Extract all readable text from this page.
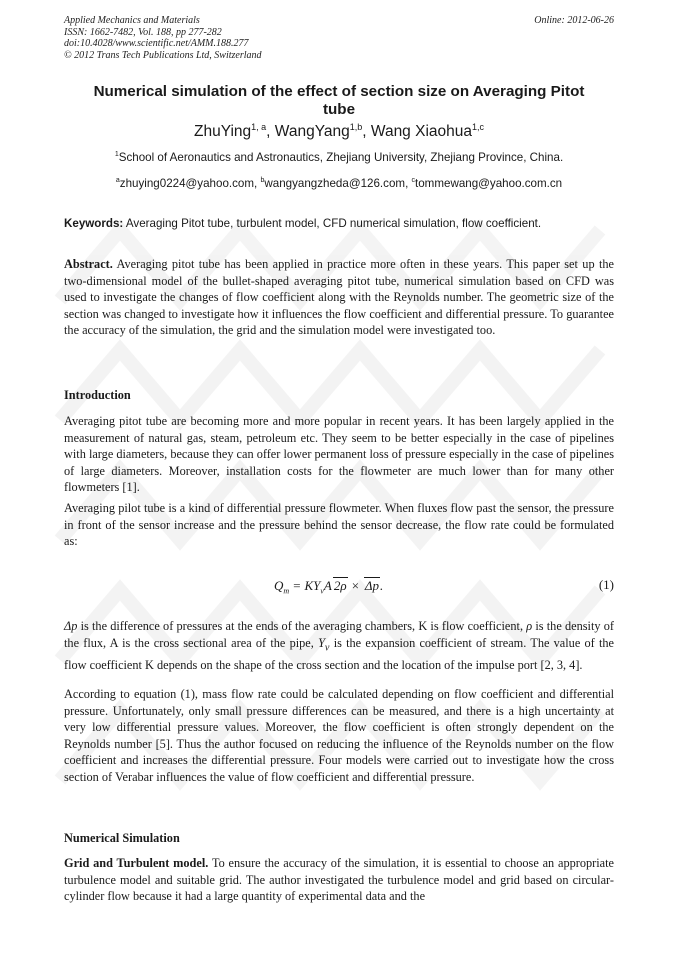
Applied Mechanics and Materials
ISSN: 1662-7482, Vol. 188, pp 277-282
doi:10.4028/www.scientific.net/AMM.188.277
© 2012 Trans Tech Publications Ltd, Switzerland
Online: 2012-06-26
Numerical simulation of the effect of section size on Averaging Pitot tube
ZhuYing$^{1, a}$, WangYang$^{1,b}$, Wang Xiaohua$^{1,c}$
$^1$School of Aeronautics and Astronautics, Zhejiang University, Zhejiang Province, China.
$^a$zhuying0224@yahoo.com, $^b$wangyangzheda@126.com, $^c$tommewang@yahoo.com.cn
Keywords: Averaging Pitot tube, turbulent model, CFD numerical simulation, flow coefficient.
Abstract. Averaging pitot tube has been applied in practice more often in these years. This paper set up the two-dimensional model of the bullet-shaped averaging pitot tube, numerical simulation based on CFD was used to investigate the changes of flow coefficient along with the Reynolds number. The geometric size of the section was changed to investigate how it influences the flow coefficient and differential pressure. To guarantee the accuracy of the simulation, the grid and the simulation model were investigated too.
Introduction
Averaging pitot tube are becoming more and more popular in recent years. It has been largely applied in the measurement of natural gas, steam, petroleum etc. They seem to be better especially in the case of pipelines with large diameters, because they can offer lower permanent loss of pressure especially in the case of pipelines of large diameters. Moreover, installation costs for the flowmeter are much lower than for many other flowmeters [1].
Averaging pilot tube is a kind of differential pressure flowmeter. When fluxes flow past the sensor, the pressure in front of the sensor increase and the pressure behind the sensor decrease, the flow rate could be formulated as:
$Q_m = KY_vA$ 2ρ × Δp.	(1)
Δp is the difference of pressures at the ends of the averaging chambers, K is flow coefficient, ρ is the density of the flux, A is the cross sectional area of the pipe, $Y_v$ is the expansion coefficient of stream. The value of the flow coefficient K depends on the shape of the cross section and the location of the impulse port [2, 3, 4].
According to equation (1), mass flow rate could be calculated depending on flow coefficient and differential pressure. Unfortunately, only small pressure differences can be measured, and there is a high uncertainty at very low differential pressure values. Moreover, the flow coefficient is often strongly dependent on the Reynolds number [5]. Thus the author focused on reducing the influence of the Reynolds number on the flow coefficient and increases the differential pressure. Four models were carried out to investigate how the cross section of Verabar influences the value of flow coefficient and differential pressure.
Numerical Simulation
Grid and Turbulent model. To ensure the accuracy of the simulation, it is essential to choose an appropriate turbulence model and suitable grid. The author investigated the turbulence model and grid based on circular-cylinder flow because it had a large quantity of experimental data and the
